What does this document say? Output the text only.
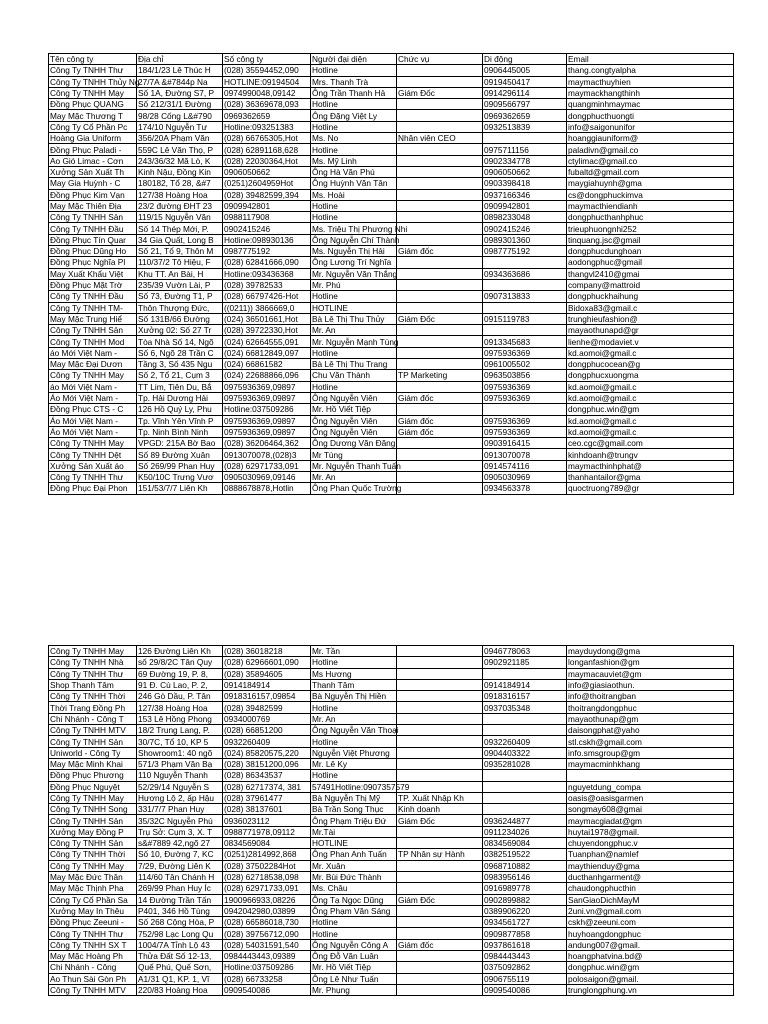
Tên công ty	Địa chỉ	Số công ty	Người đại diện	Chức vụ	Di động	Email
Công Ty TNHH Thư	184/1/23 Lê Thúc H	(028) 35594452,090	Hotline		0906445005	thang.congtyalpha
Công Ty TNHH Thủy Ng	27/7A &#7844p Na	HOTLINE:09194504	Mrs. Thanh Trà		0919450417	maymacthuyhien
Công Ty TNHH Mạy	Số 1A, Đường S7, P	0974990048,09142	Ông Trần Thanh Hả	Giám Đốc	0914296114	maymackhangthinh
Đồng Phục QUANG	Số 212/31/1 Đường	(028) 36369678,093	Hotline		0909566797	quangminhmaymac
May Mặc Thương T	98/28 Cống L&#790	0969362659	Ông Đặng Việt Ly		0969362659	dongphucthuongti
Công Ty Cổ Phần Pc	174/10 Nguyễn Tư	Hotline:093251383	Hotline		0932513839	info@saigonunifor
Hoàng Gia Uniform	356/20A Phạm Văn	(028) 66765305,Hot	Ms. No	Nhân viên CEO		hoanggiauniform@
Đồng Phục Paladi -	559C Lê Văn Thọ, P	(028) 62891168,628	Hotline		0975711156	paladivn@gmail.co
Ao Gió Limac - Cơn	243/36/32 Mã Lò, K	(028) 22030364,Hot	Ms. Mỹ Linh		0902334778	ctylimac@gmail.co
Xưởng Sản Xuất Th	Kinh Nậu, Đồng Kin	0906050662	Ông Hà Văn Phú		0906050662	fubaltd@gmail.com
May Gia Huỳnh - C	180182, Tổ 28, &#7	(0251)2604959Hot	Ông Huỳnh Văn Tân		0903398418	maygiahuynh@gma
Đồng Phục Kim Vạn	127/38 Hoàng Hoa	(028) 39482599,394	Ms. Hoài		0937166346	cs@dongphuckimva
May Mặc Thiên Địa	23/2 đường ĐHT 23	0909942801	Hotline		0909942801	maymacthiendianh
Công Ty TNHH Sản	119/15 Nguyễn Văn	0988117908	Hotline		0898233048	dongphucthanhphuc
Công Ty TNHH Đầu	Số 14 Thép Mới, P.	0902415246	Ms. Triệu Thị Phương Nhi		0902415246	trieuphuongnhi252
Đồng Phục Tín Quar	34 Gia Quất, Long B	Hotline:098930136	Ông Nguyễn Chí Thành		0989301360	tinquang.jsc@gmail
Đồng Phục Dũng Ho	Số 21, Tổ 9, Thôn M	0987775192	Ms. Nguyễn Thị Hải	Giám đốc	0987775192	dongphucdunghoan
Đồng Phục Nghĩa Pl	110/37/2 Tô Hiệu, F	(028) 62841666,090	Ông Lương Trí Nghĩa			aodongphuc@gmail
May Xuất Khẩu Việt	Khu TT. An Bài, H	Hotline:093436368	Mr. Nguyễn Văn Thắng		0934363686	thangvl2410@gmai
Đồng Phục Mặt Trờ	235/39 Vườn Lài, P	(028) 39782533	Mr. Phú			company@mattroid
Công Ty TNHH Đầu	Số 73, Đường T1, P	(028) 66797426-Hot	Hotline		0907313833	dongphuckhaihung
Công Ty TNHH TM-	Thôn Thượng Đức,	((0211)) 3866669,0	HOTLINE			Bidoxa83@gmail.c
May Mặc Trung Hiể	Số 131B/66 Đường	(024) 36501661,Hot	Bà Lê Thị Thu Thủy	Giám Đốc	0915119783	trunghieufashion@
Công Ty TNHH Sản	Xưởng 02: Số 27 Tr	(028) 39722330,Hot	Mr. An			mayaothunapd@gr
Công Ty TNHH Mod	Tòa Nhà Số 14, Ngõ	(024) 62664555,091	Mr. Nguyễn Mạnh Tùng		0913345683	lienhe@modaviet.v
áo Mới Việt Nam -	Số 6, Ngõ 28 Trần C	(024) 66812849,097	Hotline		0975936369	kd.aomoi@gmail.c
May Mặc Đại Dươn	Tầng 3, Số 435 Ngu	(024) 66861582	Bà Lê Thị Thu Trang		0961005502	dongphucocean@g
Công Ty TNHH May	Số 2, Tổ 21, Cụm 3	(024) 22688866,096	Chu Văn Thành	TP Marketing	0963503856	dongphucxuongma
áo Mới Việt Nam -	TT Lim, Tiên Du, Bắ	0975936369,09897	Hotline		0975936369	kd.aomoi@gmail.c
Áo Mới Việt Nam -	Tp. Hải Dương Hải	0975936369,09897	Ông Nguyễn Viên	Giám đốc	0975936369	kd.aomoi@gmail.c
Đồng Phục CTS - C	126 Hồ Quý Ly, Phu	Hotline:037509286	Mr. Hồ Viết Tiệp			dongphuc.win@gm
Áo Mới Việt Nam -	Tp. Vĩnh Yên Vĩnh P	0975936369,09897	Ông Nguyễn Viên	Giám đốc	0975936369	kd.aomoi@gmail.c
Áo Mới Việt Nam -	Tp. Ninh Bình Ninh	0975936369,09897	Ông Nguyễn Viên	Giám đốc	0975936369	kd.aomoi@gmail.c
Công Ty TNHH May	VPGD: 215A Bờ Bao	(028) 36206464,362	Ông Dương Văn Đăng		0903916415	ceo.cgc@gmail.com
Công Ty TNHH Dệt	Số 89 Đường Xuân	0913070078,(028)3	Mr Tùng		0913070078	kinhdoanh@trungv
Xưởng Sản Xuất áo	Số 269/99 Phan Huy	(028) 62971733,091	Mr. Nguyễn Thanh Tuấn		0914574116	maymacthinhphat@
Công Ty TNHH Thư	K50/10C Trưng Vươ	0905030969,09146	Mr. An		0905030969	thanhantailor@gma
Đồng Phục Đại Phon	151/53/7/7 Liên Kh	0888678878,Hotlin	Ông Phan Quốc Trường		0934563378	quoctruong789@gr
Công Ty TNHH May	126 Đường Liên Kh	(028) 36018218	Mr. Tần		0946778063	mayduydong@gma
Công Ty TNHH Nhà	số 29/8/2C Tân Quy	(028) 62966601,090	Hotline		0902921185	longanfashion@gm
Công Ty TNHH Thư	69 Đường 19, P. 8,	(028) 35894605	Ms Hương			maymacauviet@gm
Shop Thanh Tâm	91 Đ. Cù Lao, P. 2,	0914184914	Thanh Tâm		0914184914	info@giasiaothun.
Công Ty TNHH Thời	246 Gò Dầu, P. Tân	0918316157,09854	Bà Nguyễn Thị Hiền		0918316157	info@thoitrangban
Thời Trang Đồng Ph	127/38 Hoàng Hoa	(028) 39482599	Hotline		0937035348	thoitrangdongphuc
Chi Nhánh - Công T	153 Lê Hồng Phong	0934000769	Mr. An			mayaothunap@gm
Công Ty TNHH MTV	18/2 Trung Lang, P.	(028) 66851200	Ông Nguyễn Văn Thoại			daisongphat@yaho
Công Ty TNHH Sản	30/7C, Tổ 10, KP 5	0932260409	Hotline		0932260409	stl.cskh@gmail.com
Uniworld - Công Ty	Showroom1: 40 ngõ	(024) 85820575,220	Nguyễn Việt Phương		0904403322	info.smsgroup@gm
May Mặc Minh Khai	571/3 Phạm Văn Bạ	(028) 38151200,096	Mr. Lê Ky		0935281028	maymacminhkhang
Đồng Phục Phương	110 Nguyễn Thanh	(028) 86343537	Hotline			
Đồng Phục Nguyệt	52/29/14 Nguyễn S	(028) 62717374, 381	57491Hotline:0907357579			nguyetdung_compa
Công Ty TNHH May	Hương Lộ 2, ấp Hậu	(028) 37961477	Bà Nguyễn Thị Mỹ	TP. Xuất Nhập Kh		oasis@oasisgarmen
Công Ty TNHH Song	331/7/7 Phan Huy	(028) 38137601	Bà Trần Song Thục	Kinh doanh		songmay608@gmai
Công Ty TNHH Sản	35/32C Nguyễn Phú	0936023112	Ông Phạm Triệu Đứ	Giám Đốc	0936244877	maymacgiadat@gm
Xưởng May Đồng P	Trụ Sở: Cụm 3, X. T	0988771978,09112	Mr.Tài		0911234026	huytai1978@gmail.
Công Ty TNHH Sản	s&#7889 42,ngõ 27	0834569084	HOTLINE		0834569084	chuyendongphuc.v
Công Ty TNHH Thời	Số 10, Đường 7, KC	(0251)2814992,868	Ông Phan Anh Tuấn	TP Nhân sự Hành	0382519522	Tuanphan@namlef
Công Ty TNHH May	7/29, Đường Liên K	(028) 37502284Hot	Mr. Xuân		0968710882	maythienduy@gma
May Mặc Đức Thân	114/60 Tân Chánh H	(028) 62718538,098	Mr. Bùi Đức Thành		0983956146	ducthanhgarment@
May Mặc Thịnh Pha	269/99 Phan Huy Íc	(028) 62971733,091	Ms. Châu		0916989778	chaudongphucthin
Công Ty Cổ Phần Sa	14 Đường Trần Tấn	1900966933,08226	Ông Tạ Ngọc Dũng	Giám Đốc	0902899882	SanGiaoDichMayM
Xưởng May In Thêu	P401, 346 Hồ Tùng	0942042980,03899	Ông Phạm Văn Sáng		0389906220	2uni.vn@gmail.com
Đồng Phục Zeeuni -	Số 268 Cộng Hòa, P	(028) 66586018,730	Hotline		0934561727	cskh@zeeuni.com
Công Ty TNHH Thư	752/98 Lạc Long Qu	(028) 39756712,090	Hotline		0909877858	huyhoangdongphuc
Công Ty TNHH SX T	1004/7A Tỉnh Lộ 43	(028) 54031591,540	Ông Nguyễn Công A	Giám đốc	0937861618	andung007@gmail.
May Mặc Hoàng Ph	Thửa Đất Số 12-13,	0984443443,09389	Ông Đỗ Văn Luân		0984443443	hoangphatvina.bd@
Chi Nhánh - Công	Quế Phú, Quế Sơn,	Hotline:037509286	Mr. Hồ Viết Tiệp		0375092862	dongphuc.win@gm
Ao Thun Sài Gòn Ph	A1/31 Q1, KP. 1, Vĩ	(028) 66733258	Ông Lê Như Tuấn		0906755119	polosaigon@gmail.
Công Ty TNHH MTV	220/83 Hoàng Hoa	0909540086	Mr. Phụng		0909540086	trunglongphung.vn
